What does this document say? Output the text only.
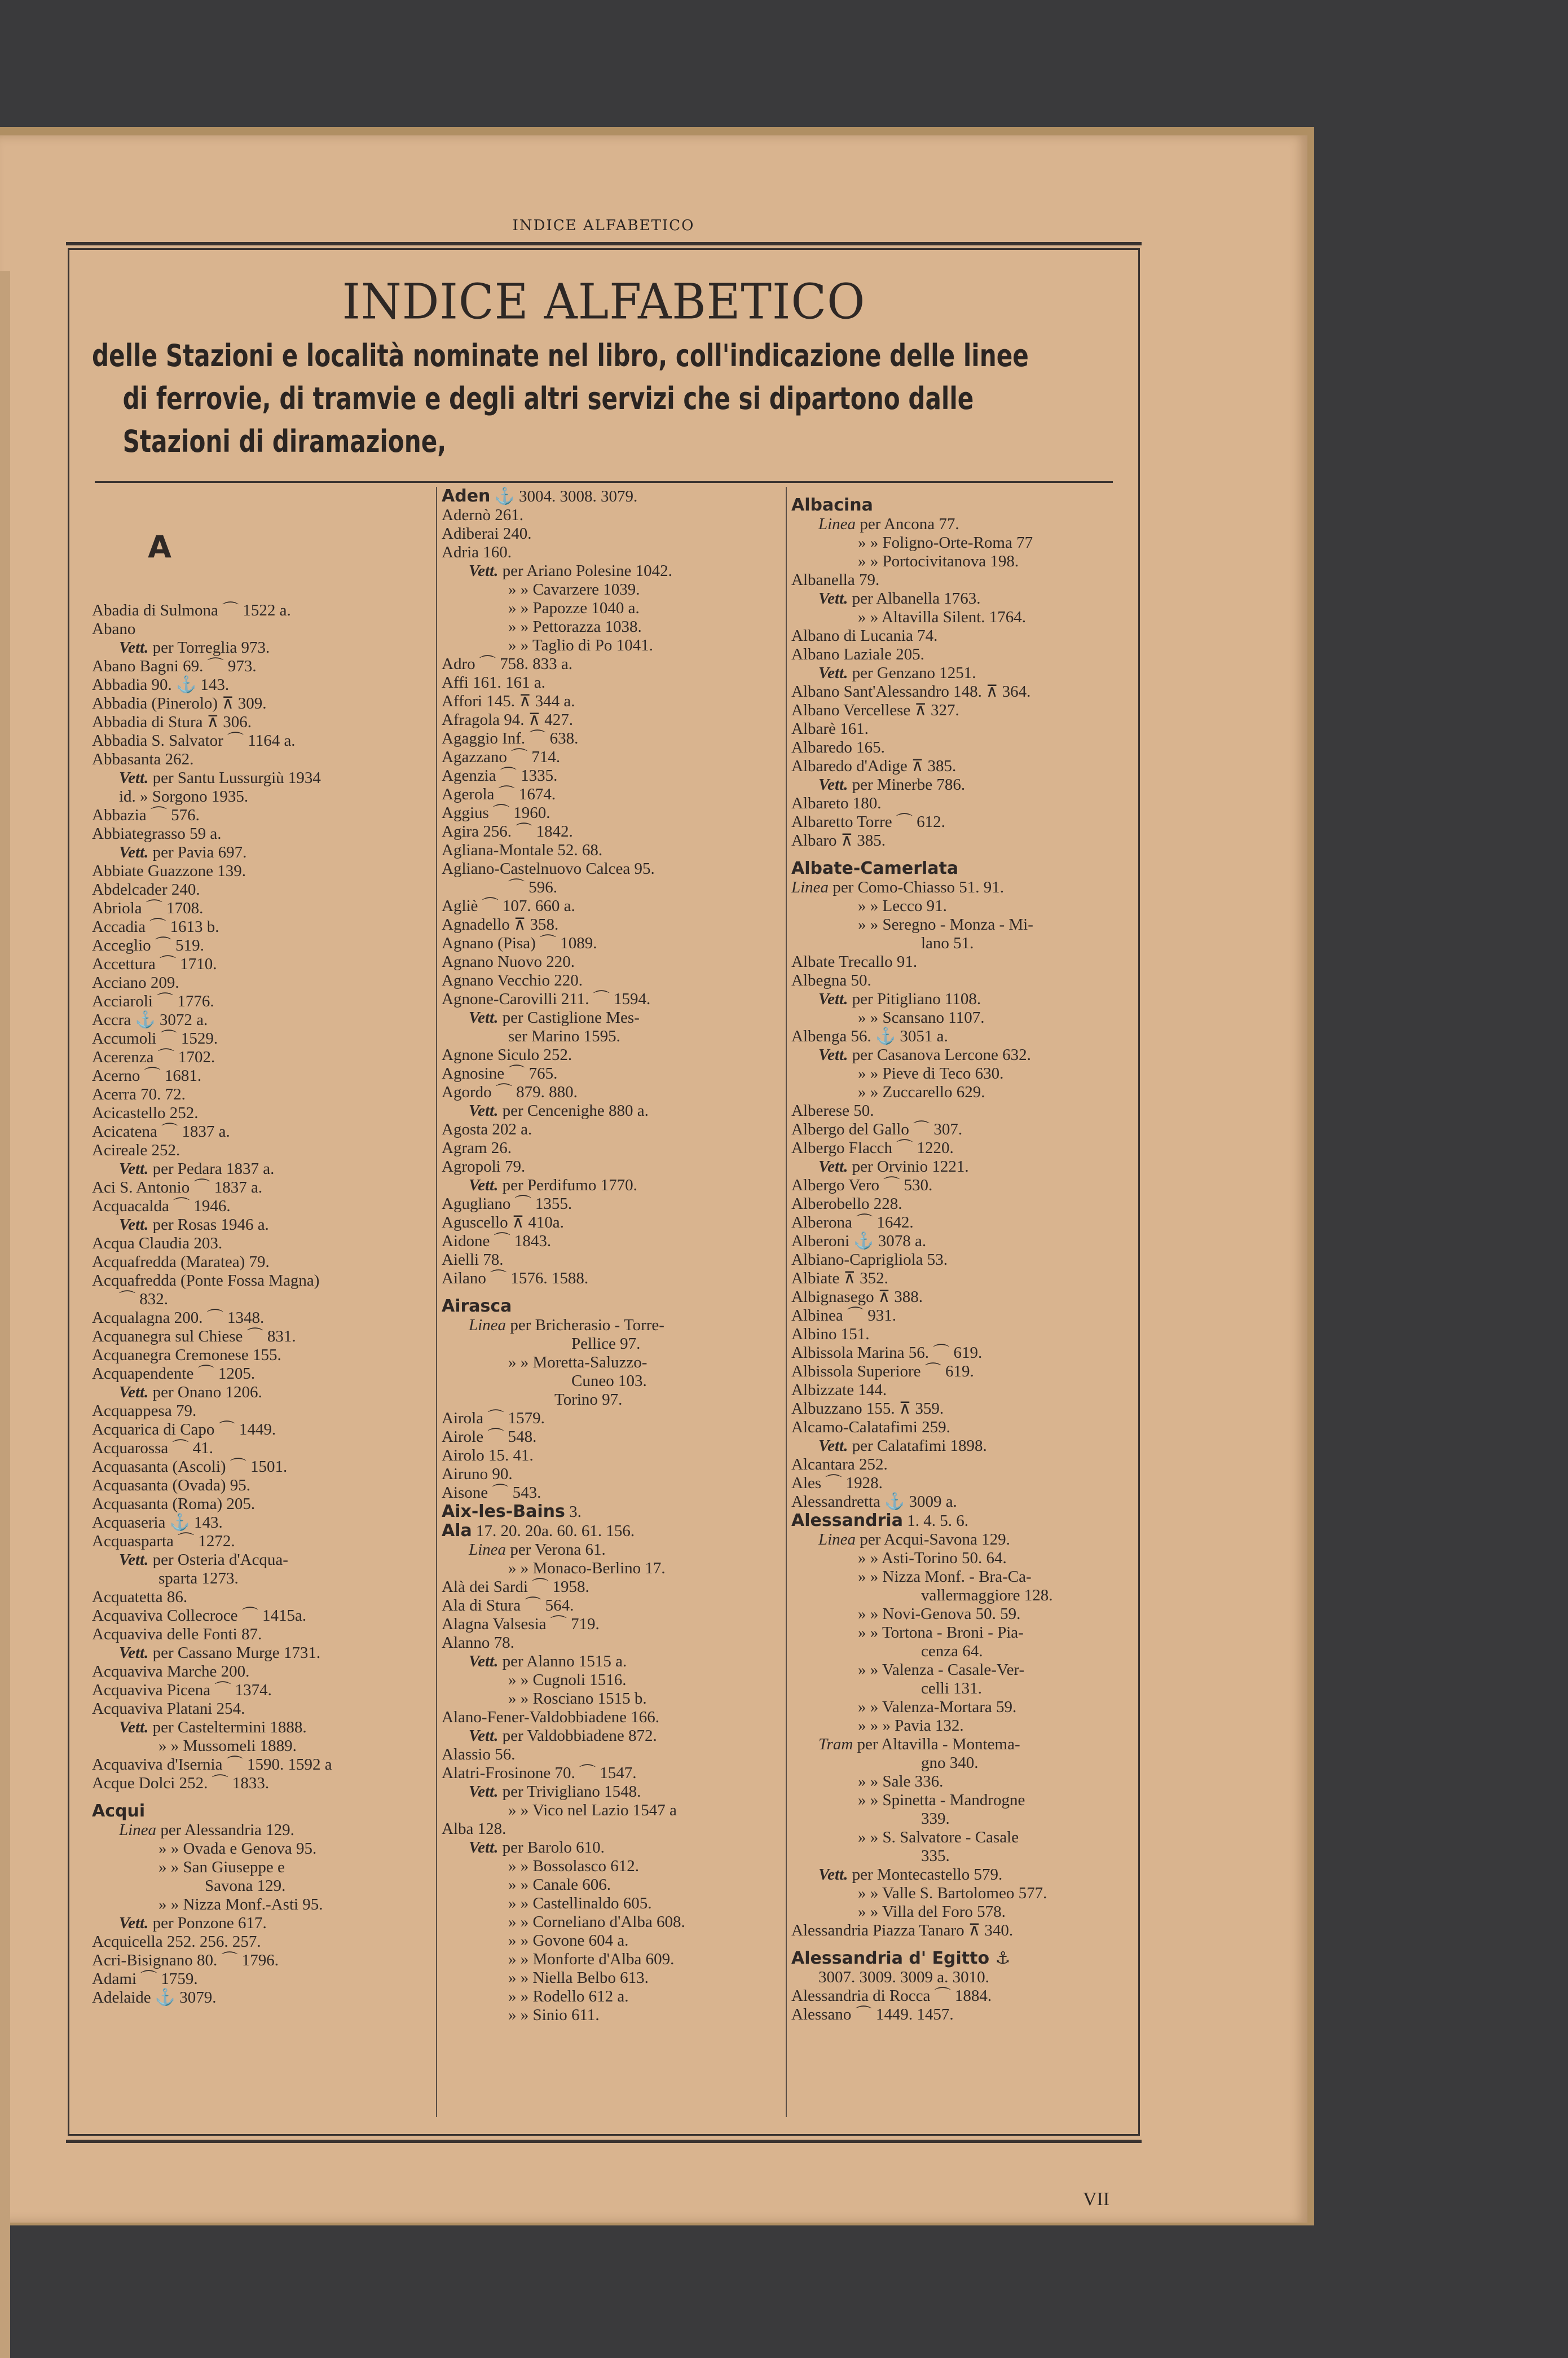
INDICE ALFABETICO
INDICE ALFABETICO
delle Stazioni e località nominate nel libro, coll'indicazione delle linee
di ferrovie, di tramvie e degli altri servizi che si dipartono dalle
Stazioni di diramazione,
A
Abadia di Sulmona ⌒ 1522 a.
Abano
Vett. per Torreglia 973.
Abano Bagni 69. ⌒ 973.
Abbadia 90. ⚓ 143.
Abbadia (Pinerolo) ⊼ 309.
Abbadia di Stura ⊼ 306.
Abbadia S. Salvator ⌒ 1164 a.
Abbasanta 262.
Vett. per Santu Lussurgiù 1934
id. » Sorgono 1935.
Abbazia ⌒ 576.
Abbiategrasso 59 a.
Vett. per Pavia 697.
Abbiate Guazzone 139.
Abdelcader 240.
Abriola ⌒ 1708.
Accadia ⌒ 1613 b.
Acceglio ⌒ 519.
Accettura ⌒ 1710.
Acciano 209.
Acciaroli ⌒ 1776.
Accra ⚓ 3072 a.
Accumoli ⌒ 1529.
Acerenza ⌒ 1702.
Acerno ⌒ 1681.
Acerra 70. 72.
Acicastello 252.
Acicatena ⌒ 1837 a.
Acireale 252.
Vett. per Pedara 1837 a.
Aci S. Antonio ⌒ 1837 a.
Acquacalda ⌒ 1946.
Vett. per Rosas 1946 a.
Acqua Claudia 203.
Acquafredda (Maratea) 79.
Acquafredda (Ponte Fossa Magna)
⌒ 832.
Acqualagna 200. ⌒ 1348.
Acquanegra sul Chiese ⌒ 831.
Acquanegra Cremonese 155.
Acquapendente ⌒ 1205.
Vett. per Onano 1206.
Acquappesa 79.
Acquarica di Capo ⌒ 1449.
Acquarossa ⌒ 41.
Acquasanta (Ascoli) ⌒ 1501.
Acquasanta (Ovada) 95.
Acquasanta (Roma) 205.
Acquaseria ⚓ 143.
Acquasparta ⌒ 1272.
Vett. per Osteria d'Acqua-
sparta 1273.
Acquatetta 86.
Acquaviva Collecroce ⌒ 1415a.
Acquaviva delle Fonti 87.
Vett. per Cassano Murge 1731.
Acquaviva Marche 200.
Acquaviva Picena ⌒ 1374.
Acquaviva Platani 254.
Vett. per Casteltermini 1888.
» » Mussomeli 1889.
Acquaviva d'Isernia ⌒ 1590. 1592 a
Acque Dolci 252. ⌒ 1833.
Acqui
Linea per Alessandria 129.
» » Ovada e Genova 95.
» » San Giuseppe e
Savona 129.
» » Nizza Monf.-Asti 95.
Vett. per Ponzone 617.
Acquicella 252. 256. 257.
Acri-Bisignano 80. ⌒ 1796.
Adami ⌒ 1759.
Adelaide ⚓ 3079.
Aden ⚓ 3004. 3008. 3079.
Adernò 261.
Adiberai 240.
Adria 160.
Vett. per Ariano Polesine 1042.
» » Cavarzere 1039.
» » Papozze 1040 a.
» » Pettorazza 1038.
» » Taglio di Po 1041.
Adro ⌒ 758. 833 a.
Affi 161. 161 a.
Affori 145. ⊼ 344 a.
Afragola 94. ⊼ 427.
Agaggio Inf. ⌒ 638.
Agazzano ⌒ 714.
Agenzia ⌒ 1335.
Agerola ⌒ 1674.
Aggius ⌒ 1960.
Agira 256. ⌒ 1842.
Agliana-Montale 52. 68.
Agliano-Castelnuovo Calcea 95.
⌒ 596.
Agliè ⌒ 107. 660 a.
Agnadello ⊼ 358.
Agnano (Pisa) ⌒ 1089.
Agnano Nuovo 220.
Agnano Vecchio 220.
Agnone-Carovilli 211. ⌒ 1594.
Vett. per Castiglione Mes-
ser Marino 1595.
Agnone Siculo 252.
Agnosine ⌒ 765.
Agordo ⌒ 879. 880.
Vett. per Cencenighe 880 a.
Agosta 202 a.
Agram 26.
Agropoli 79.
Vett. per Perdifumo 1770.
Agugliano ⌒ 1355.
Aguscello ⊼ 410a.
Aidone ⌒ 1843.
Aielli 78.
Ailano ⌒ 1576. 1588.
Airasca
Linea per Bricherasio - Torre-
Pellice 97.
» » Moretta-Saluzzo-
Cuneo 103.
Torino 97.
Airola ⌒ 1579.
Airole ⌒ 548.
Airolo 15. 41.
Airuno 90.
Aisone ⌒ 543.
Aix-les-Bains 3.
Ala 17. 20. 20a. 60. 61. 156.
Linea per Verona 61.
» » Monaco-Berlino 17.
Alà dei Sardi ⌒ 1958.
Ala di Stura ⌒ 564.
Alagna Valsesia ⌒ 719.
Alanno 78.
Vett. per Alanno 1515 a.
» » Cugnoli 1516.
» » Rosciano 1515 b.
Alano-Fener-Valdobbiadene 166.
Vett. per Valdobbiadene 872.
Alassio 56.
Alatri-Frosinone 70. ⌒ 1547.
Vett. per Trivigliano 1548.
» » Vico nel Lazio 1547 a
Alba 128.
Vett. per Barolo 610.
» » Bossolasco 612.
» » Canale 606.
» » Castellinaldo 605.
» » Corneliano d'Alba 608.
» » Govone 604 a.
» » Monforte d'Alba 609.
» » Niella Belbo 613.
» » Rodello 612 a.
» » Sinio 611.
Albacina
Linea per Ancona 77.
» » Foligno-Orte-Roma 77
» » Portocivitanova 198.
Albanella 79.
Vett. per Albanella 1763.
» » Altavilla Silent. 1764.
Albano di Lucania 74.
Albano Laziale 205.
Vett. per Genzano 1251.
Albano Sant'Alessandro 148. ⊼ 364.
Albano Vercellese ⊼ 327.
Albarè 161.
Albaredo 165.
Albaredo d'Adige ⊼ 385.
Vett. per Minerbe 786.
Albareto 180.
Albaretto Torre ⌒ 612.
Albaro ⊼ 385.
Albate-Camerlata
Linea per Como-Chiasso 51. 91.
» » Lecco 91.
» » Seregno - Monza - Mi-
lano 51.
Albate Trecallo 91.
Albegna 50.
Vett. per Pitigliano 1108.
» » Scansano 1107.
Albenga 56. ⚓ 3051 a.
Vett. per Casanova Lercone 632.
» » Pieve di Teco 630.
» » Zuccarello 629.
Alberese 50.
Albergo del Gallo ⌒ 307.
Albergo Flacch ⌒ 1220.
Vett. per Orvinio 1221.
Albergo Vero ⌒ 530.
Alberobello 228.
Alberona ⌒ 1642.
Alberoni ⚓ 3078 a.
Albiano-Caprigliola 53.
Albiate ⊼ 352.
Albignasego ⊼ 388.
Albinea ⌒ 931.
Albino 151.
Albissola Marina 56. ⌒ 619.
Albissola Superiore ⌒ 619.
Albizzate 144.
Albuzzano 155. ⊼ 359.
Alcamo-Calatafimi 259.
Vett. per Calatafimi 1898.
Alcantara 252.
Ales ⌒ 1928.
Alessandretta ⚓ 3009 a.
Alessandria 1. 4. 5. 6.
Linea per Acqui-Savona 129.
» » Asti-Torino 50. 64.
» » Nizza Monf. - Bra-Ca-
vallermaggiore 128.
» » Novi-Genova 50. 59.
» » Tortona - Broni - Pia-
cenza 64.
» » Valenza - Casale-Ver-
celli 131.
» » Valenza-Mortara 59.
» » » Pavia 132.
Tram per Altavilla - Montema-
gno 340.
» » Sale 336.
» » Spinetta - Mandrogne
339.
» » S. Salvatore - Casale
335.
Vett. per Montecastello 579.
» » Valle S. Bartolomeo 577.
» » Villa del Foro 578.
Alessandria Piazza Tanaro ⊼ 340.
Alessandria d' Egitto ⚓
3007. 3009. 3009 a. 3010.
Alessandria di Rocca ⌒ 1884.
Alessano ⌒ 1449. 1457.
VII
